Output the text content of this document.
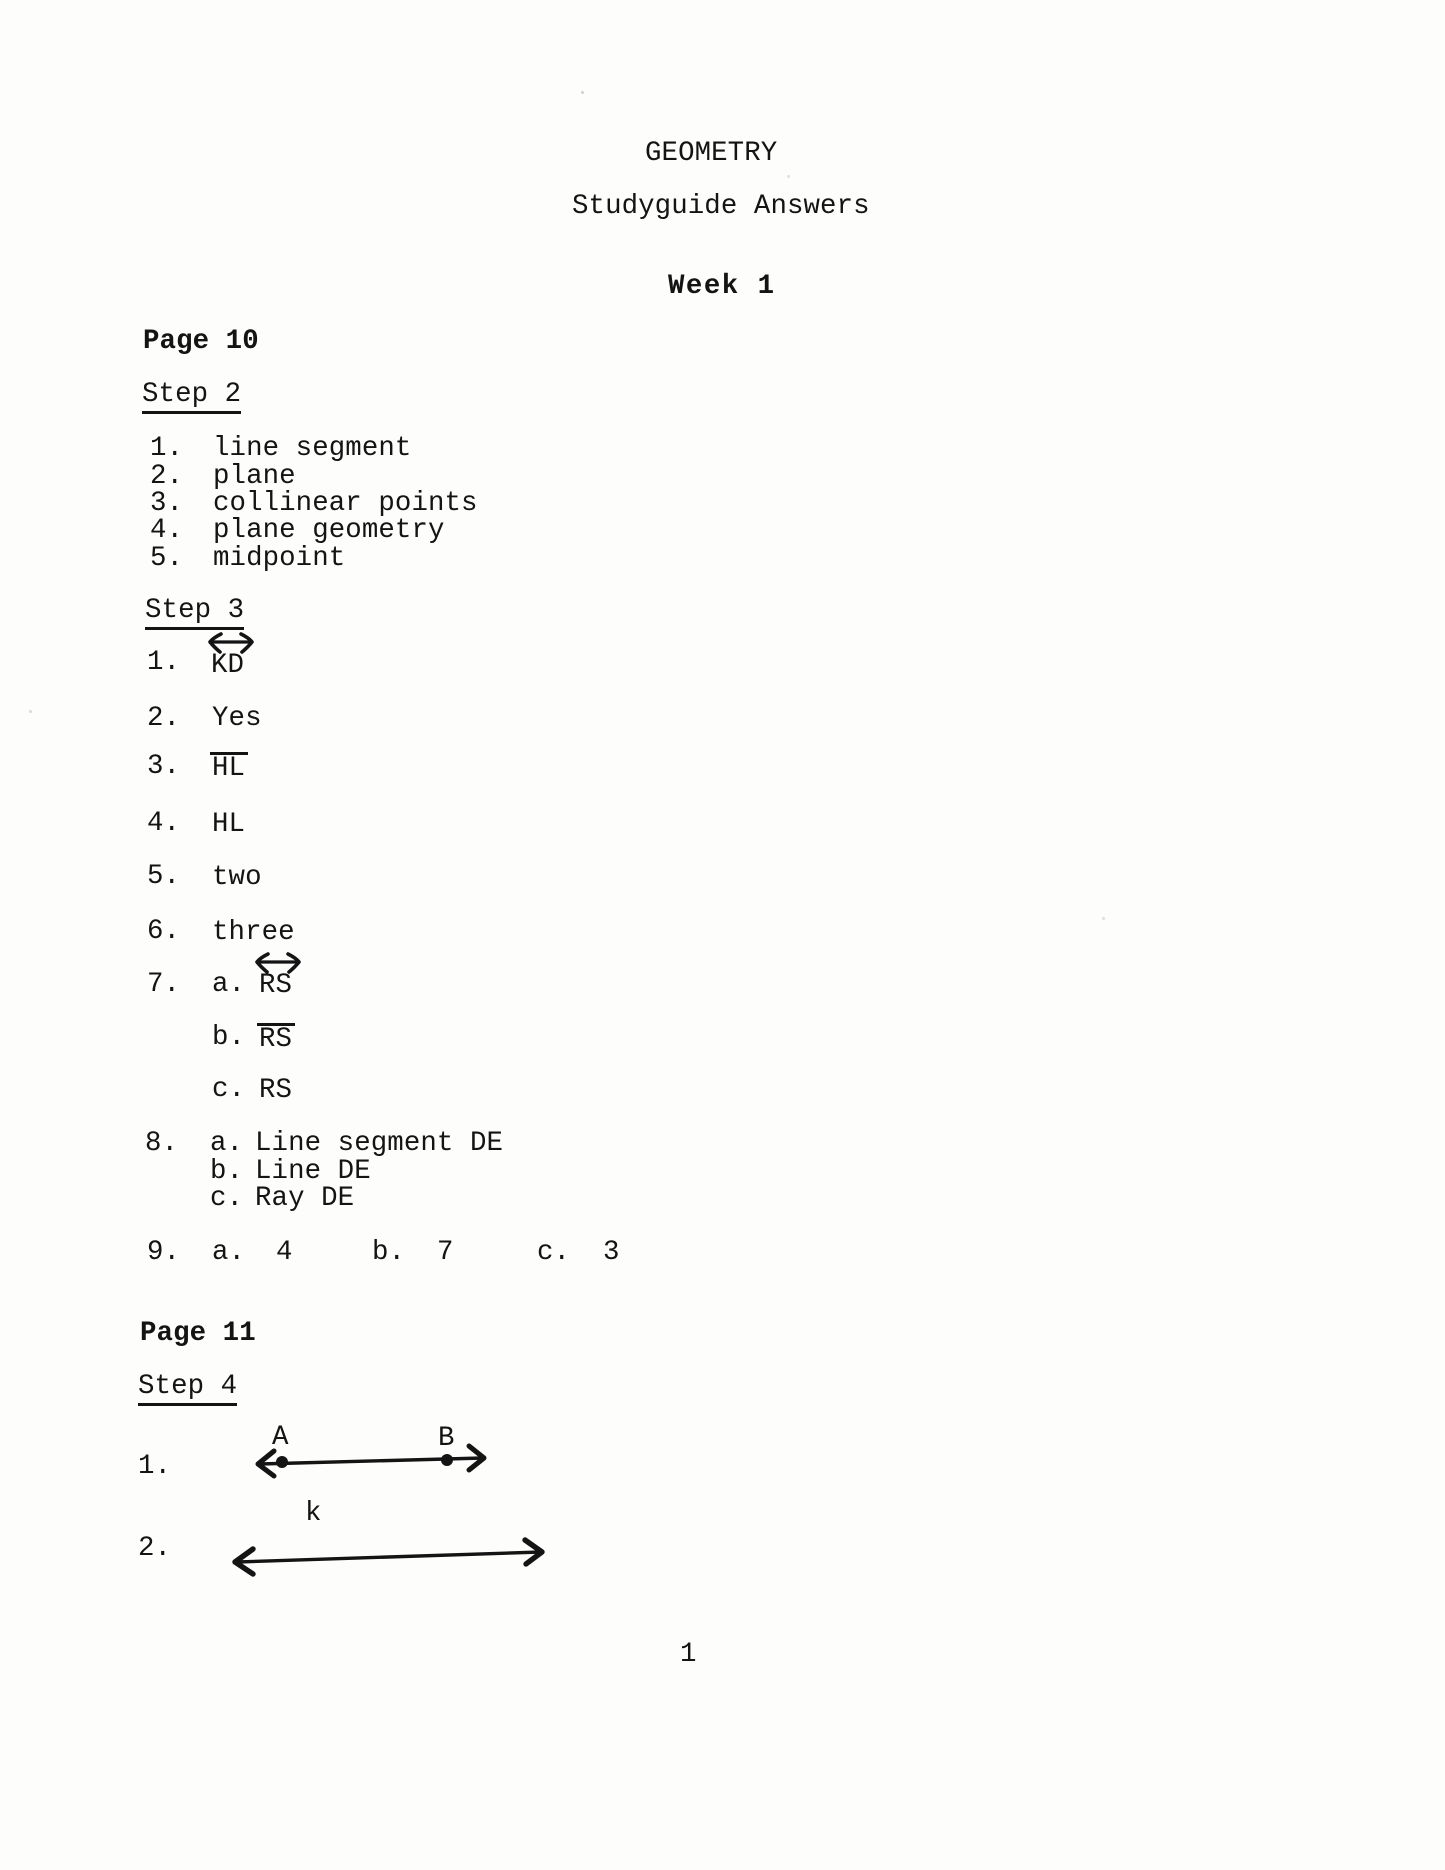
GEOMETRY
Studyguide Answers
Week 1
Page 10
Step 2
1. line segment
2. plane
3. collinear points
4. plane geometry
5. midpoint
Step 3
1. KD
2. Yes
3. HL
4. HL
5. two
6. three
7. a. RS
b. RS
c. RS
8. a. Line segment DE
b. Line DE
c. Ray DE
9. a. 4	b. 7	c. 3
Page 11
Step 4
1.
A	B
k
2.
1
